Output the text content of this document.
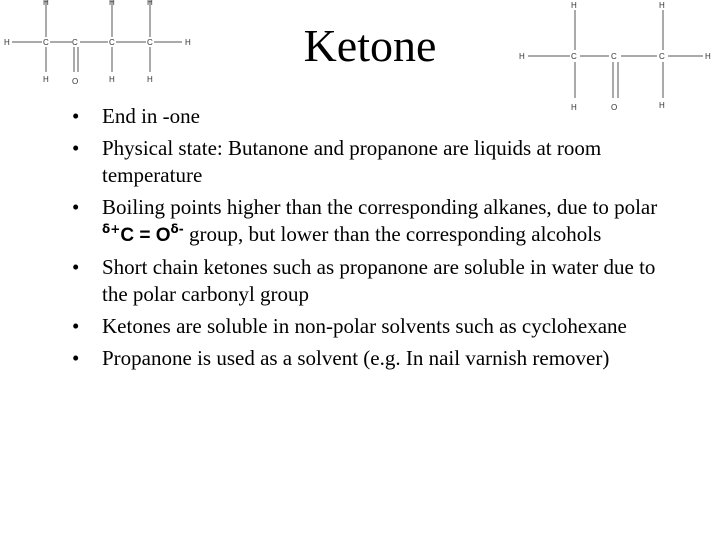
H	H	H
H	C	C	C	C	H
H	O	H	H
Ketone
H	H
H	C	C	C	H
H	O	H
• End in -one
• Physical state: Butanone and propanone are liquids at room temperature
• Boiling points higher than the corresponding alkanes, due to polar $^{\delta+}C = O^{\delta-}$ group, but lower than the corresponding alcohols
• Short chain ketones such as propanone are soluble in water due to the polar carbonyl group
• Ketones are soluble in non-polar solvents such as cyclohexane
• Propanone is used as a solvent (e.g. In nail varnish remover)
